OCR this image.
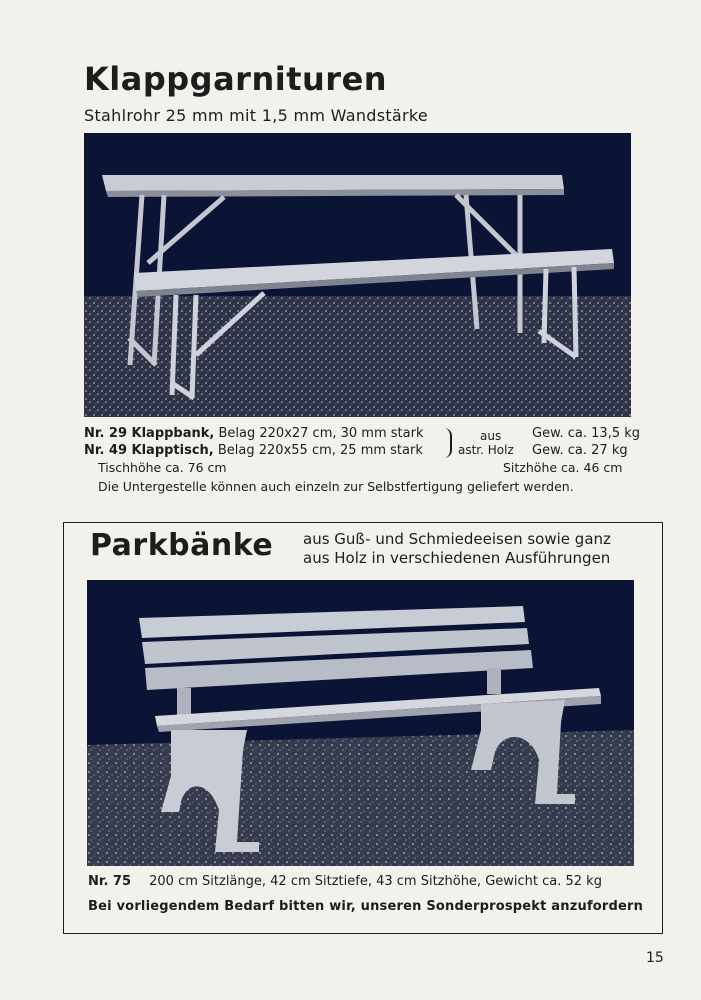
Klappgarnituren
Stahlrohr 25 mm mit 1,5 mm Wandstärke
Nr. 29 Klappbank, Belag 220x27 cm, 30 mm stark
Nr. 49 Klapptisch, Belag 220x55 cm, 25 mm stark
aus
astr. Holz
Gew. ca. 13,5 kg
Gew. ca. 27 kg
Tischhöhe ca. 76 cm	Sitzhöhe ca. 46 cm
Die Untergestelle können auch einzeln zur Selbstfertigung geliefert werden.
Parkbänke aus Guß- und Schmiedeeisen sowie ganz
aus Holz in verschiedenen Ausführungen
Nr. 75 200 cm Sitzlänge, 42 cm Sitztiefe, 43 cm Sitzhöhe, Gewicht ca. 52 kg
Bei vorliegendem Bedarf bitten wir, unseren Sonderprospekt anzufordern
15
